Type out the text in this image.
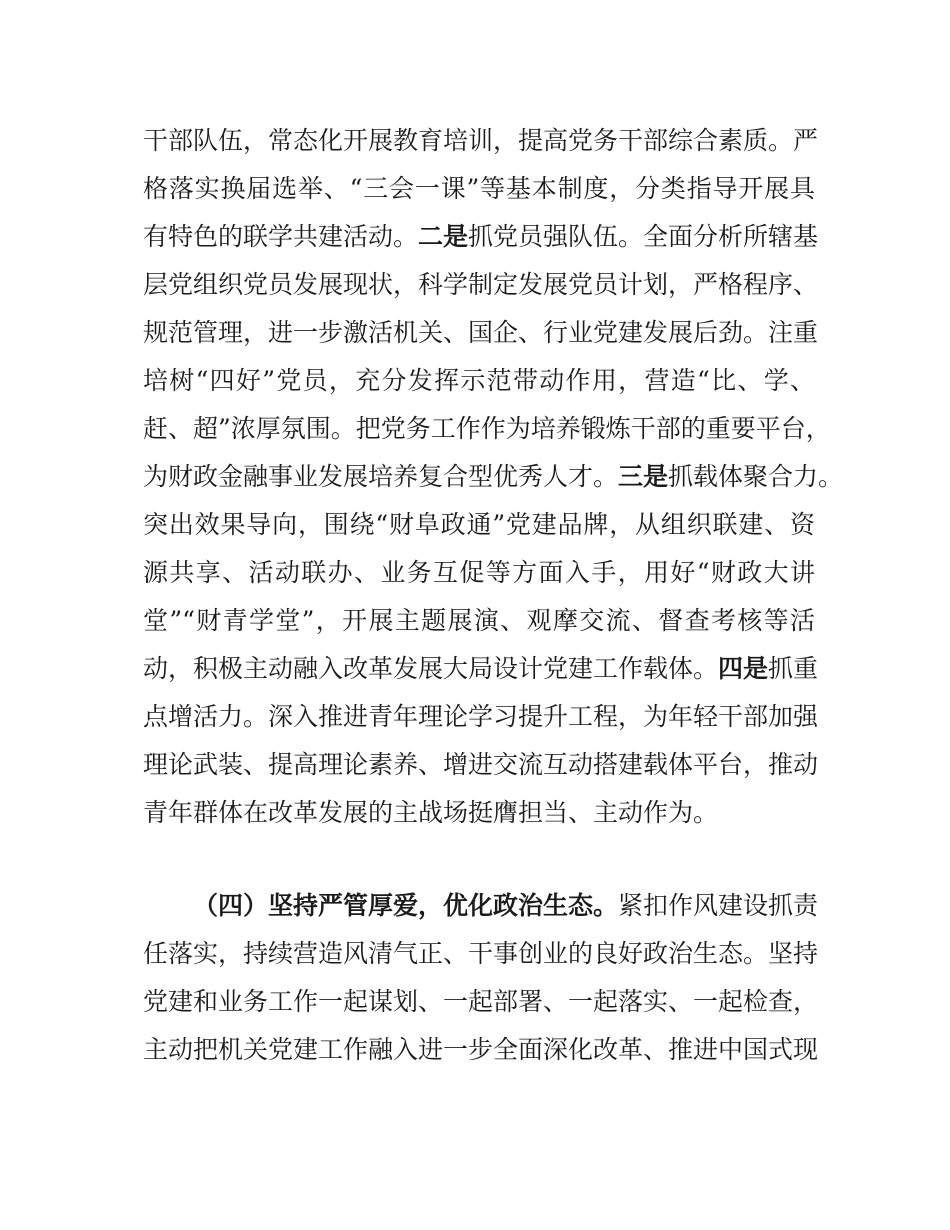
干部队伍，常态化开展教育培训，提高党务干部综合素质。严
格落实换届选举、“三会一课”等基本制度，分类指导开展具
有特色的联学共建活动。二是抓党员强队伍。全面分析所辖基
层党组织党员发展现状，科学制定发展党员计划，严格程序、
规范管理，进一步激活机关、国企、行业党建发展后劲。注重
培树“四好”党员，充分发挥示范带动作用，营造“比、学、
赶、超”浓厚氛围。把党务工作作为培养锻炼干部的重要平台，
为财政金融事业发展培养复合型优秀人才。三是抓载体聚合力。
突出效果导向，围绕“财阜政通”党建品牌，从组织联建、资
源共享、活动联办、业务互促等方面入手，用好“财政大讲
堂”“财青学堂”，开展主题展演、观摩交流、督查考核等活
动，积极主动融入改革发展大局设计党建工作载体。四是抓重
点增活力。深入推进青年理论学习提升工程，为年轻干部加强
理论武装、提高理论素养、增进交流互动搭建载体平台，推动
青年群体在改革发展的主战场挺膺担当、主动作为。
（四）坚持严管厚爱，优化政治生态。紧扣作风建设抓责
任落实，持续营造风清气正、干事创业的良好政治生态。坚持
党建和业务工作一起谋划、一起部署、一起落实、一起检查，
主动把机关党建工作融入进一步全面深化改革、推进中国式现
